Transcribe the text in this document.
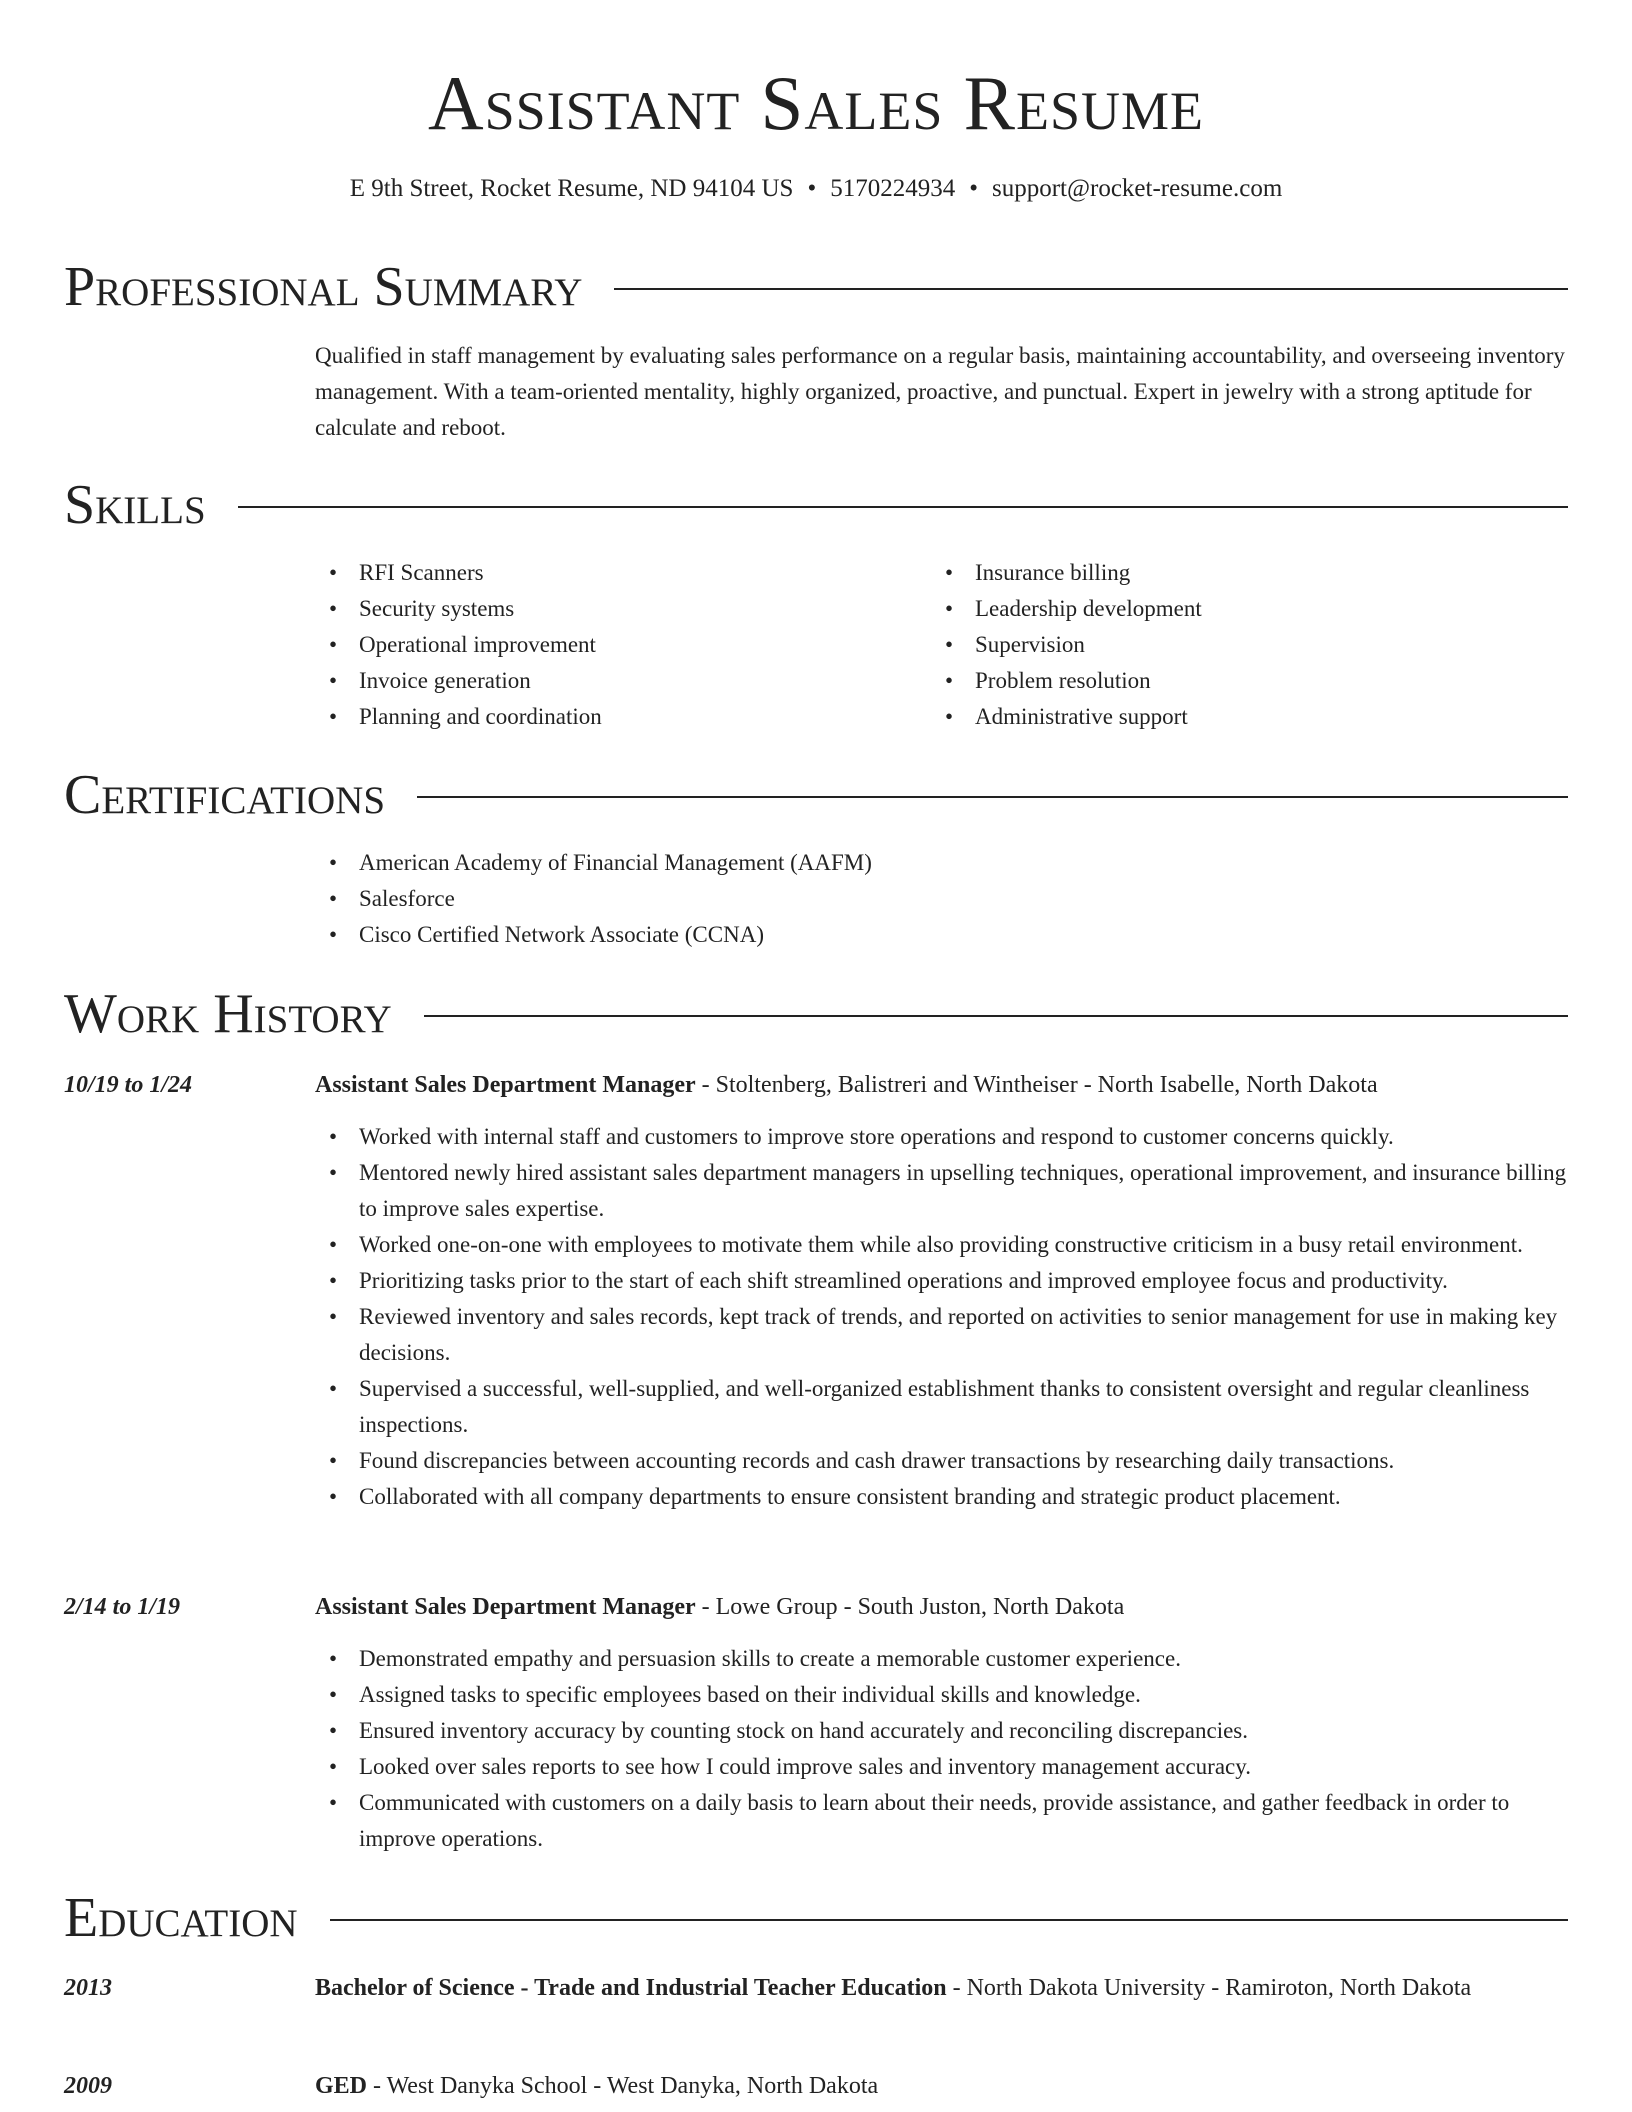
Assistant Sales Resume
E 9th Street, Rocket Resume, ND 94104 US • 5170224934 • support@rocket-resume.com
Professional Summary

Qualified in staff management by evaluating sales performance on a regular basis, maintaining accountability, and overseeing inventory management. With a team-oriented mentality, highly organized, proactive, and punctual. Expert in jewelry with a strong aptitude for calculate and reboot.

Skills
• RFI Scanners
• Security systems
• Operational improvement
• Invoice generation
• Planning and coordination
• Insurance billing
• Leadership development
• Supervision
• Problem resolution
• Administrative support
Certifications
• American Academy of Financial Management (AAFM)
• Salesforce
• Cisco Certified Network Associate (CCNA)
Work History
10/19 to 1/24	Assistant Sales Department Manager - Stoltenberg, Balistreri and Wintheiser - North Isabelle, North Dakota
• Worked with internal staff and customers to improve store operations and respond to customer concerns quickly.
• Mentored newly hired assistant sales department managers in upselling techniques, operational improvement, and insurance billing to improve sales expertise.
• Worked one-on-one with employees to motivate them while also providing constructive criticism in a busy retail environment.
• Prioritizing tasks prior to the start of each shift streamlined operations and improved employee focus and productivity.
• Reviewed inventory and sales records, kept track of trends, and reported on activities to senior management for use in making key decisions.
• Supervised a successful, well-supplied, and well-organized establishment thanks to consistent oversight and regular cleanliness inspections.
• Found discrepancies between accounting records and cash drawer transactions by researching daily transactions.
• Collaborated with all company departments to ensure consistent branding and strategic product placement.
2/14 to 1/19	Assistant Sales Department Manager - Lowe Group - South Juston, North Dakota
• Demonstrated empathy and persuasion skills to create a memorable customer experience.
• Assigned tasks to specific employees based on their individual skills and knowledge.
• Ensured inventory accuracy by counting stock on hand accurately and reconciling discrepancies.
• Looked over sales reports to see how I could improve sales and inventory management accuracy.
• Communicated with customers on a daily basis to learn about their needs, provide assistance, and gather feedback in order to improve operations.
Education
2013	Bachelor of Science - Trade and Industrial Teacher Education - North Dakota University - Ramiroton, North Dakota
2009	GED - West Danyka School - West Danyka, North Dakota
